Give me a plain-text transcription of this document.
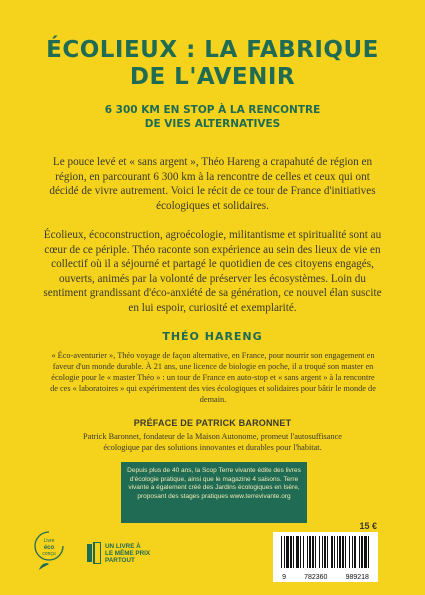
ÉCOLIEUX : LA FABRIQUE
DE L'AVENIR
6 300 KM EN STOP À LA RENCONTRE
DE VIES ALTERNATIVES

Le pouce levé et « sans argent », Théo Hareng a crapahuté de région en région, en parcourant 6 300 km à la rencontre de celles et ceux qui ont décidé de vivre autrement. Voici le récit de ce tour de France d'initiatives écologiques et solidaires.

Écolieux, écoconstruction, agroécologie, militantisme et spiritualité sont au cœur de ce périple. Théo raconte son expérience au sein des lieux de vie en collectif où il a séjourné et partagé le quotidien de ces citoyens engagés, ouverts, animés par la volonté de préserver les écosystèmes. Loin du sentiment grandissant d'éco-anxiété de sa génération, ce nouvel élan suscite en lui espoir, curiosité et exemplarité.

THÉO HARENG

« Éco-aventurier », Théo voyage de façon alternative, en France, pour nourrir son engagement en faveur d'un monde durable. À 21 ans, une licence de biologie en poche, il a troqué son master en écologie pour le « master Théo » : un tour de France en auto-stop et « sans argent » à la rencontre de ces « laboratoires » qui expérimentent des vies écologiques et solidaires pour bâtir le monde de demain.

PRÉFACE DE PATRICK BARONNET

Patrick Baronnet, fondateur de la Maison Autonome, promeut l'autosuffisance écologique par des solutions innovantes et durables pour l'habitat.

Depuis plus de 40 ans, la Scop Terre vivante édite des livres d'écologie pratique, ainsi que le magazine 4 saisons. Terre vivante a également créé des Jardins écologiques en Isère, proposant des stages pratiques www.terrevivante.org
15 €
Livre
éco
conçu
UN LIVRE À
LE MÊME PRIX
PARTOUT
9	782360	989218
